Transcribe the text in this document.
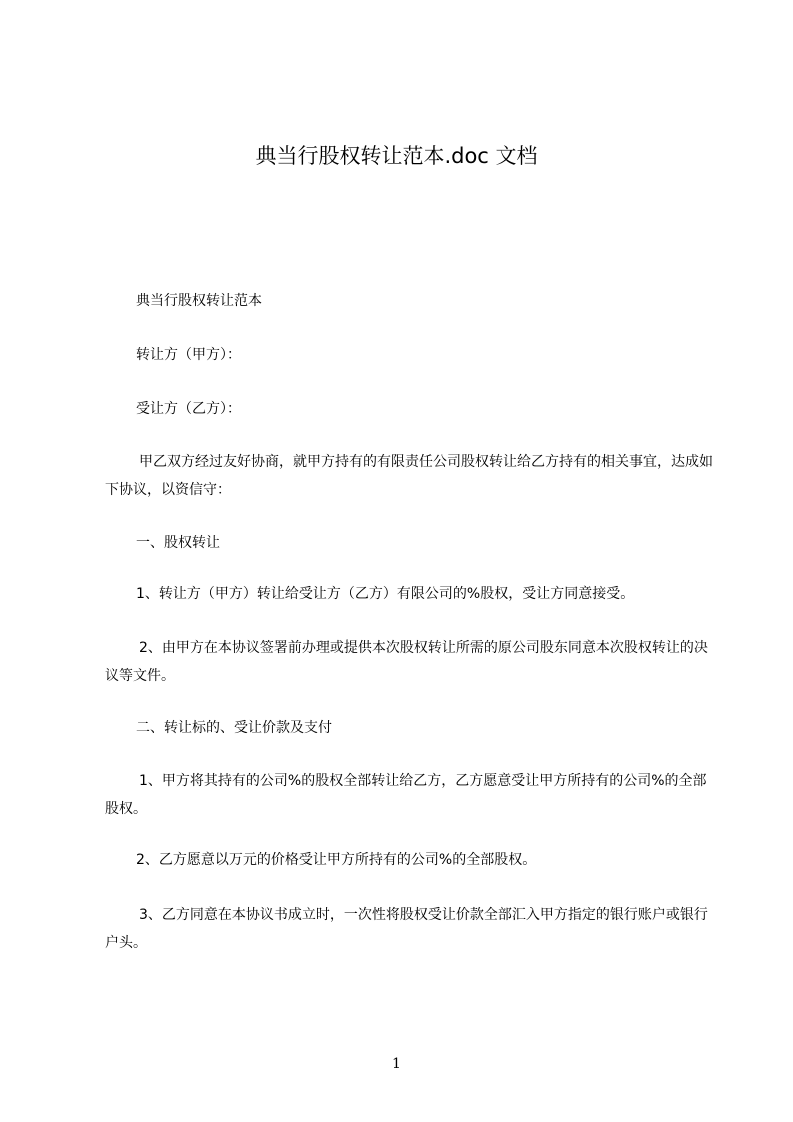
典当行股权转让范本.doc 文档
典当行股权转让范本
转让方（甲方）：
受让方（乙方）：
甲乙双方经过友好协商，就甲方持有的有限责任公司股权转让给乙方持有的相关事宜，达成如下协议，以资信守：
一、股权转让
1、转让方（甲方）转让给受让方（乙方）有限公司的%股权，受让方同意接受。
2、由甲方在本协议签署前办理或提供本次股权转让所需的原公司股东同意本次股权转让的决议等文件。
二、转让标的、受让价款及支付
1、甲方将其持有的公司%的股权全部转让给乙方，乙方愿意受让甲方所持有的公司%的全部股权。
2、乙方愿意以万元的价格受让甲方所持有的公司%的全部股权。
3、乙方同意在本协议书成立时，一次性将股权受让价款全部汇入甲方指定的银行账户或银行户头。
1
